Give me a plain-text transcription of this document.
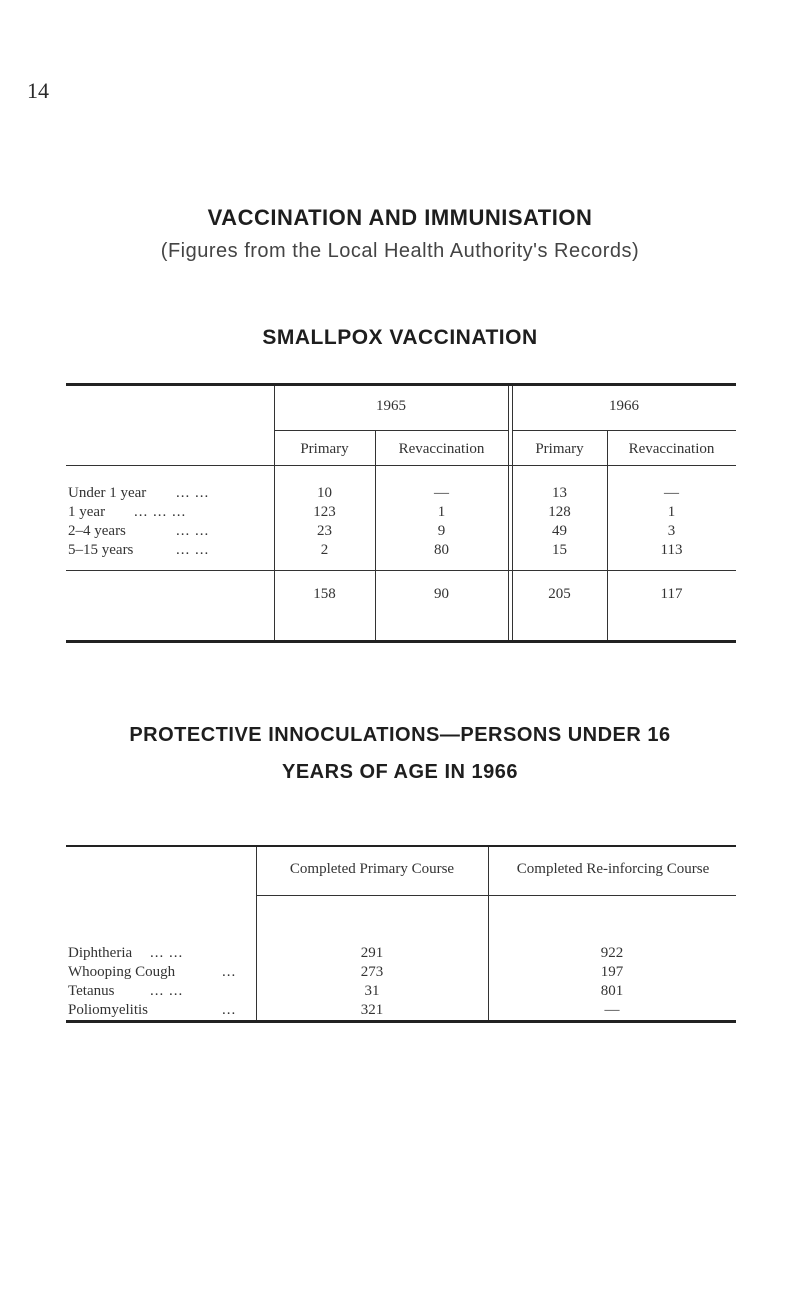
14
VACCINATION AND IMMUNISATION
(Figures from the Local Health Authority's Records)
SMALLPOX VACCINATION
1965	1966
Primary	Revaccination	Primary	Revaccination
Under 1 year ... ...	10	—	13	—
1 year ... ... ...	123	1	128	1
2–4 years	... ...	23	9	49	3
5–15 years	... ...	2	80	15	113
158	90	205	117
PROTECTIVE INNOCULATIONS—PERSONS UNDER 16
YEARS OF AGE IN 1966
Completed Primary Course	Completed Re-inforcing Course
Diphtheria ... ...	291	922
Whooping Cough	...	273	197
Tetanus ... ...	31	801
Poliomyelitis	...	321	—
